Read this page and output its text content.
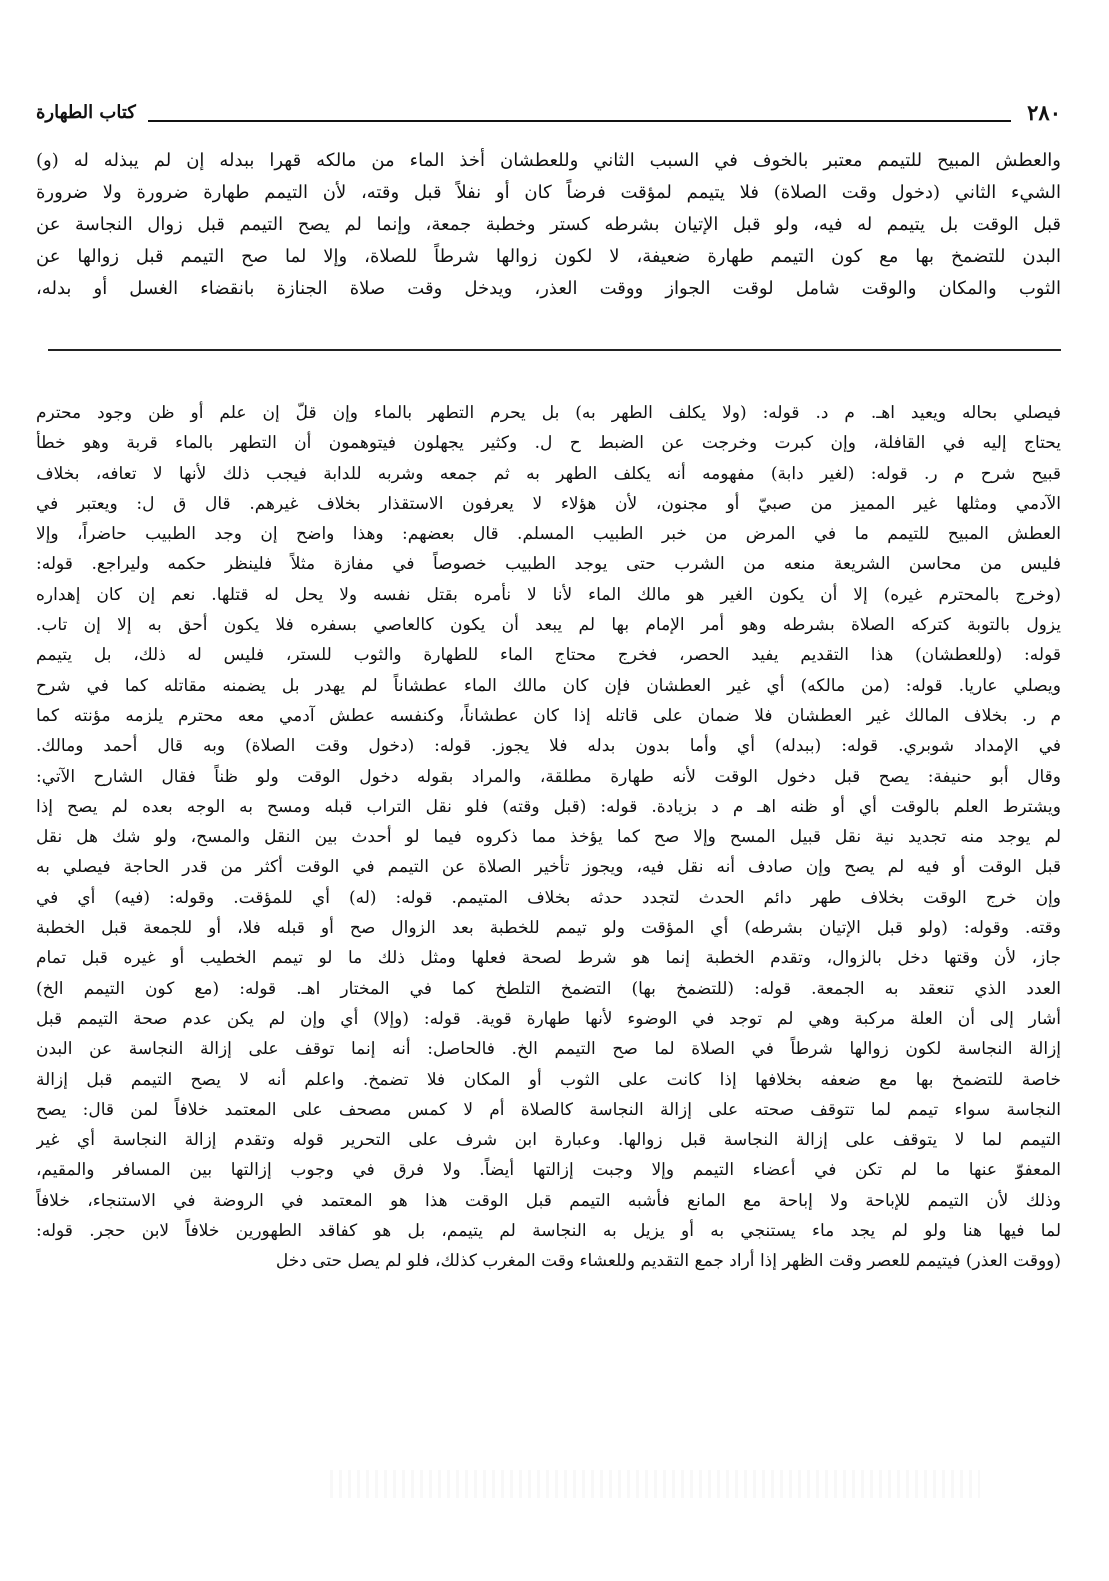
٢٨٠
كتاب الطهارة
والعطش المبيح للتيمم معتبر بالخوف في السبب الثاني وللعطشان أخذ الماء من مالكه قهرا ببدله إن لم يبذله له (و)
الشيء الثاني (دخول وقت الصلاة) فلا يتيمم لمؤقت فرضاً كان أو نفلاً قبل وقته، لأن التيمم طهارة ضرورة ولا ضرورة
قبل الوقت بل يتيمم له فيه، ولو قبل الإتيان بشرطه كستر وخطبة جمعة، وإنما لم يصح التيمم قبل زوال النجاسة عن
البدن للتضمخ بها مع كون التيمم طهارة ضعيفة، لا لكون زوالها شرطاً للصلاة، وإلا لما صح التيمم قبل زوالها عن
الثوب والمكان والوقت شامل لوقت الجواز ووقت العذر، ويدخل وقت صلاة الجنازة بانقضاء الغسل أو بدله،
فيصلي بحاله ويعيد اهـ. م د. قوله: (ولا يكلف الطهر به) بل يحرم التطهر بالماء وإن قلّ إن علم أو ظن وجود محترم
يحتاج إليه في القافلة، وإن كبرت وخرجت عن الضبط ح ل. وكثير يجهلون فيتوهمون أن التطهر بالماء قربة وهو خطأ
قبيح شرح م ر. قوله: (لغير دابة) مفهومه أنه يكلف الطهر به ثم جمعه وشربه للدابة فيجب ذلك لأنها لا تعافه، بخلاف
الآدمي ومثلها غير المميز من صبيّ أو مجنون، لأن هؤلاء لا يعرفون الاستقذار بخلاف غيرهم. قال ق ل: ويعتبر في
العطش المبيح للتيمم ما في المرض من خبر الطبيب المسلم. قال بعضهم: وهذا واضح إن وجد الطبيب حاضراً، وإلا
فليس من محاسن الشريعة منعه من الشرب حتى يوجد الطبيب خصوصاً في مفازة مثلاً فلينظر حكمه وليراجع. قوله:
(وخرج بالمحترم غيره) إلا أن يكون الغير هو مالك الماء لأنا لا نأمره بقتل نفسه ولا يحل له قتلها. نعم إن كان إهداره
يزول بالتوبة كتركه الصلاة بشرطه وهو أمر الإمام بها لم يبعد أن يكون كالعاصي بسفره فلا يكون أحق به إلا إن تاب.
قوله: (وللعطشان) هذا التقديم يفيد الحصر، فخرج محتاج الماء للطهارة والثوب للستر، فليس له ذلك، بل يتيمم
ويصلي عاريا. قوله: (من مالكه) أي غير العطشان فإن كان مالك الماء عطشاناً لم يهدر بل يضمنه مقاتله كما في شرح
م ر. بخلاف المالك غير العطشان فلا ضمان على قاتله إذا كان عطشاناً، وكنفسه عطش آدمي معه محترم يلزمه مؤنته كما
في الإمداد شوبري. قوله: (ببدله) أي وأما بدون بدله فلا يجوز. قوله: (دخول وقت الصلاة) وبه قال أحمد ومالك.
وقال أبو حنيفة: يصح قبل دخول الوقت لأنه طهارة مطلقة، والمراد بقوله دخول الوقت ولو ظناً فقال الشارح الآتي:
ويشترط العلم بالوقت أي أو ظنه اهـ م د بزيادة. قوله: (قبل وقته) فلو نقل التراب قبله ومسح به الوجه بعده لم يصح إذا
لم يوجد منه تجديد نية نقل قبيل المسح وإلا صح كما يؤخذ مما ذكروه فيما لو أحدث بين النقل والمسح، ولو شك هل نقل
قبل الوقت أو فيه لم يصح وإن صادف أنه نقل فيه، ويجوز تأخير الصلاة عن التيمم في الوقت أكثر من قدر الحاجة فيصلي به
وإن خرج الوقت بخلاف طهر دائم الحدث لتجدد حدثه بخلاف المتيمم. قوله: (له) أي للمؤقت. وقوله: (فيه) أي في
وقته. وقوله: (ولو قبل الإتيان بشرطه) أي المؤقت ولو تيمم للخطبة بعد الزوال صح أو قبله فلا، أو للجمعة قبل الخطبة
جاز، لأن وقتها دخل بالزوال، وتقدم الخطبة إنما هو شرط لصحة فعلها ومثل ذلك ما لو تيمم الخطيب أو غيره قبل تمام
العدد الذي تنعقد به الجمعة. قوله: (للتضمخ بها) التضمخ التلطخ كما في المختار اهـ. قوله: (مع كون التيمم الخ)
أشار إلى أن العلة مركبة وهي لم توجد في الوضوء لأنها طهارة قوية. قوله: (وإلا) أي وإن لم يكن عدم صحة التيمم قبل
إزالة النجاسة لكون زوالها شرطاً في الصلاة لما صح التيمم الخ. فالحاصل: أنه إنما توقف على إزالة النجاسة عن البدن
خاصة للتضمخ بها مع ضعفه بخلافها إذا كانت على الثوب أو المكان فلا تضمخ. واعلم أنه لا يصح التيمم قبل إزالة
النجاسة سواء تيمم لما تتوقف صحته على إزالة النجاسة كالصلاة أم لا كمس مصحف على المعتمد خلافاً لمن قال: يصح
التيمم لما لا يتوقف على إزالة النجاسة قبل زوالها. وعبارة ابن شرف على التحرير قوله وتقدم إزالة النجاسة أي غير
المعفوّ عنها ما لم تكن في أعضاء التيمم وإلا وجبت إزالتها أيضاً. ولا فرق في وجوب إزالتها بين المسافر والمقيم،
وذلك لأن التيمم للإباحة ولا إباحة مع المانع فأشبه التيمم قبل الوقت هذا هو المعتمد في الروضة في الاستنجاء، خلافاً
لما فيها هنا ولو لم يجد ماء يستنجي به أو يزيل به النجاسة لم يتيمم، بل هو كفاقد الطهورين خلافاً لابن حجر. قوله:
(ووقت العذر) فيتيمم للعصر وقت الظهر إذا أراد جمع التقديم وللعشاء وقت المغرب كذلك، فلو لم يصل حتى دخل
